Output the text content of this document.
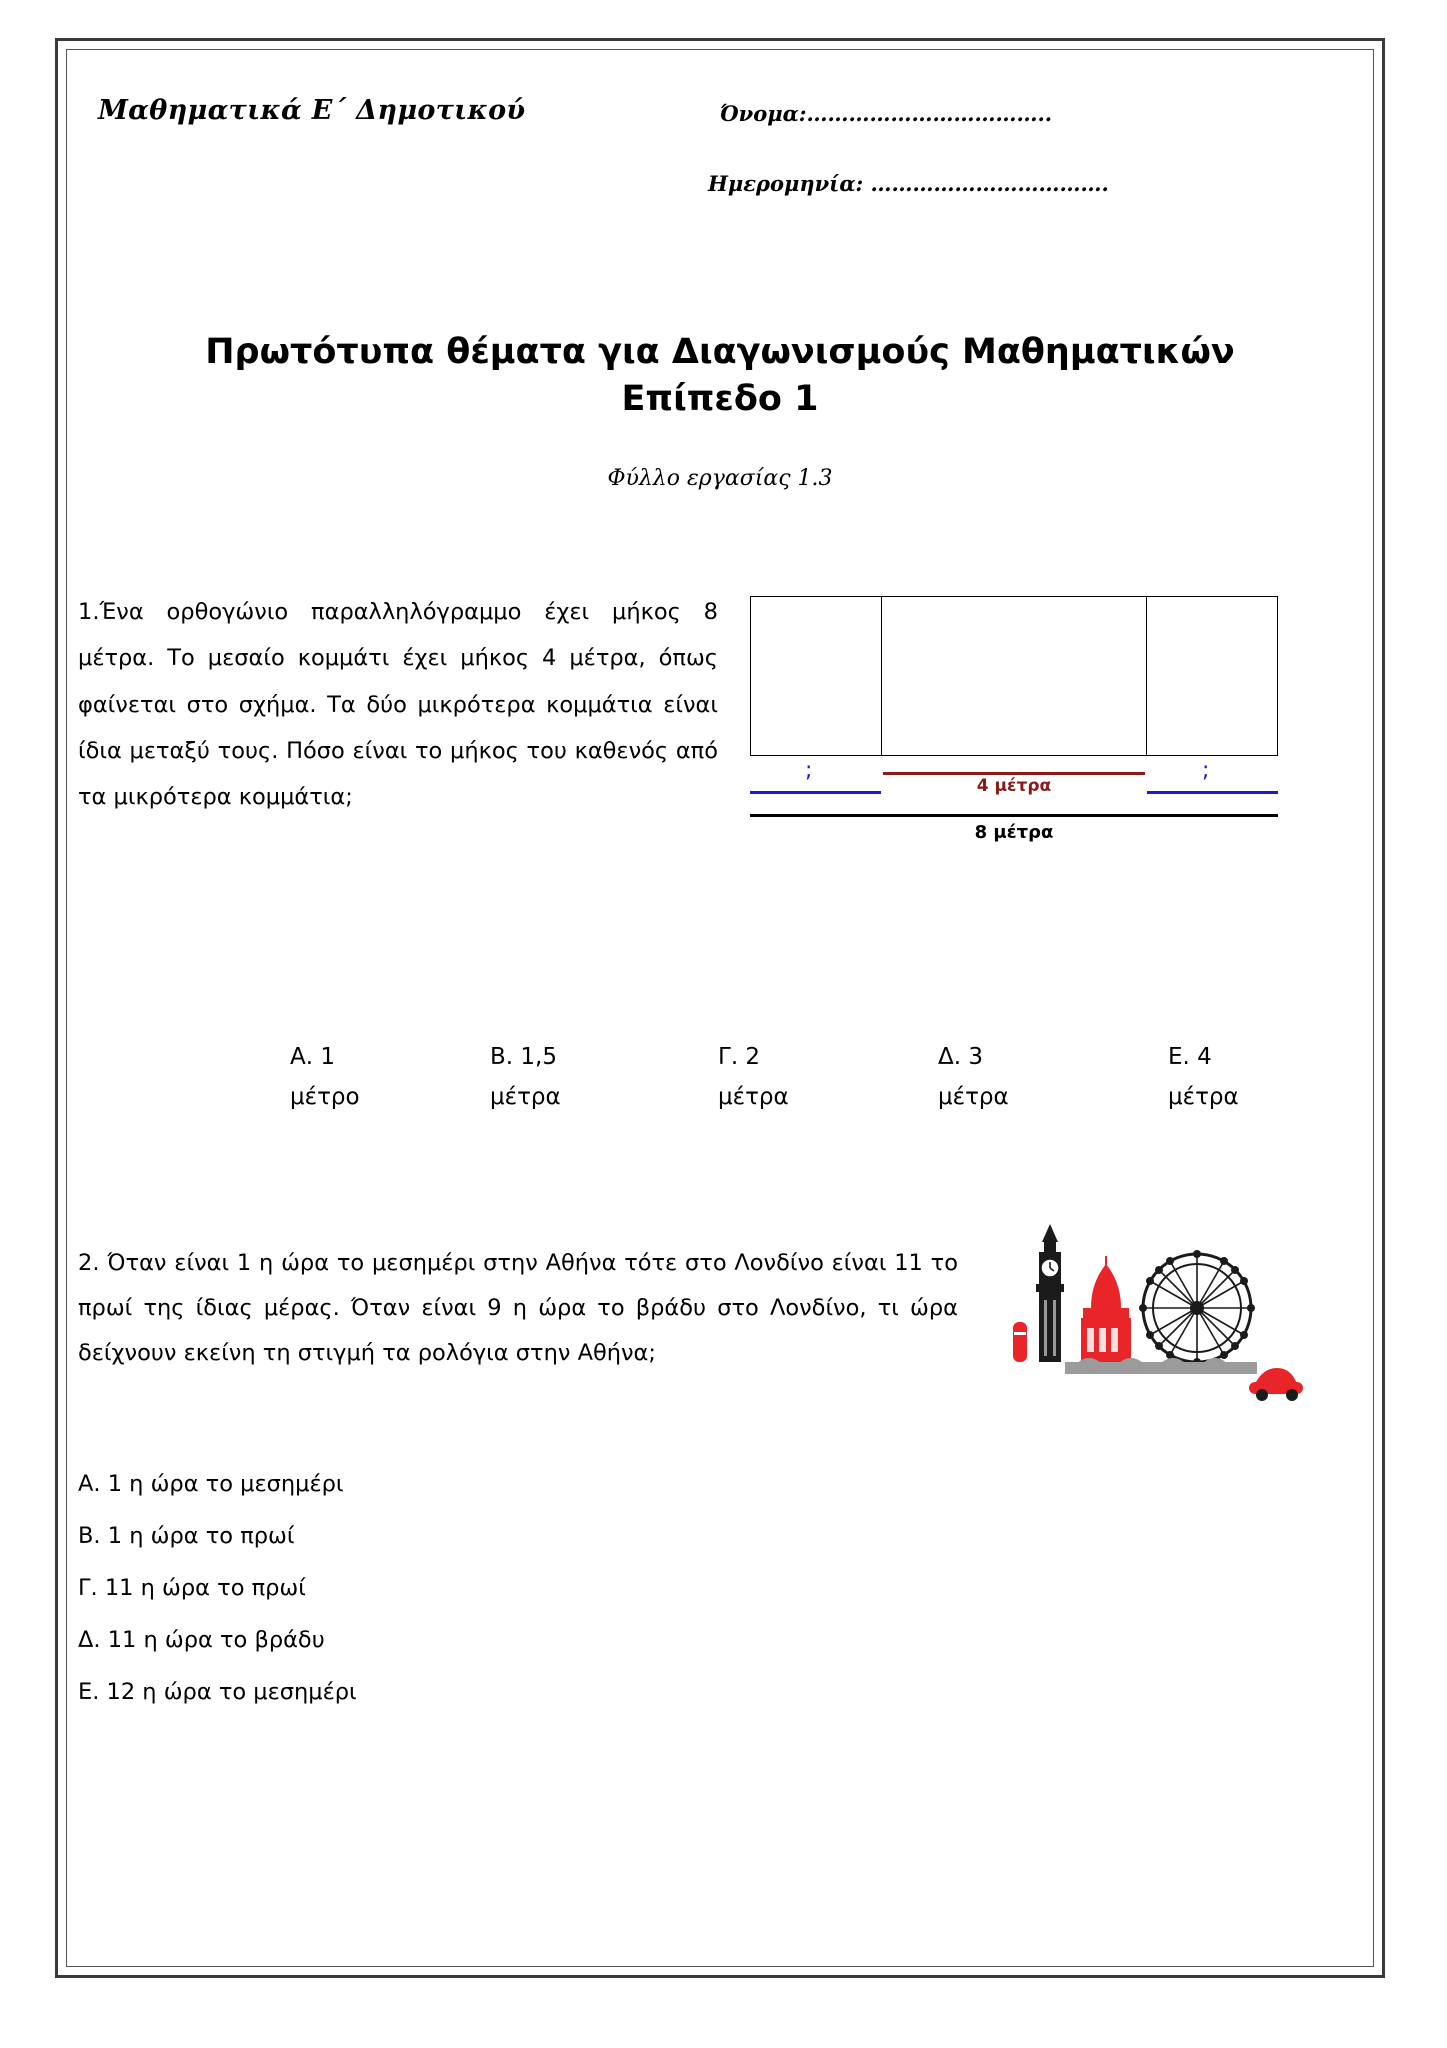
Μαθηματικά Ε΄ Δημοτικού	Όνομα:……………………………..
Ημερομηνία: …………………………….
Πρωτότυπα θέματα για Διαγωνισμούς Μαθηματικών
Επίπεδο 1
Φύλλο εργασίας 1.3
1.Ένα ορθογώνιο παραλληλόγραμμο έχει μήκος 8 μέτρα. Το μεσαίο κομμάτι έχει μήκος 4 μέτρα, όπως φαίνεται στο σχήμα. Τα δύο μικρότερα κομμάτια είναι ίδια μεταξύ τους. Πόσο είναι το μήκος του καθενός από τα μικρότερα κομμάτια;
;	;
4 μέτρα
8 μέτρα
Α. 1
μέτρο
Β. 1,5
μέτρα
Γ. 2
μέτρα
Δ. 3
μέτρα
Ε. 4
μέτρα
2. Όταν είναι 1 η ώρα το μεσημέρι στην Αθήνα τότε στο Λονδίνο είναι 11 το πρωί της ίδιας μέρας. Όταν είναι 9 η ώρα το βράδυ στο Λονδίνο, τι ώρα δείχνουν εκείνη τη στιγμή τα ρολόγια στην Αθήνα;
Α. 1 η ώρα το μεσημέρι
Β. 1 η ώρα το πρωί
Γ. 11 η ώρα το πρωί
Δ. 11 η ώρα το βράδυ
Ε. 12 η ώρα το μεσημέρι
